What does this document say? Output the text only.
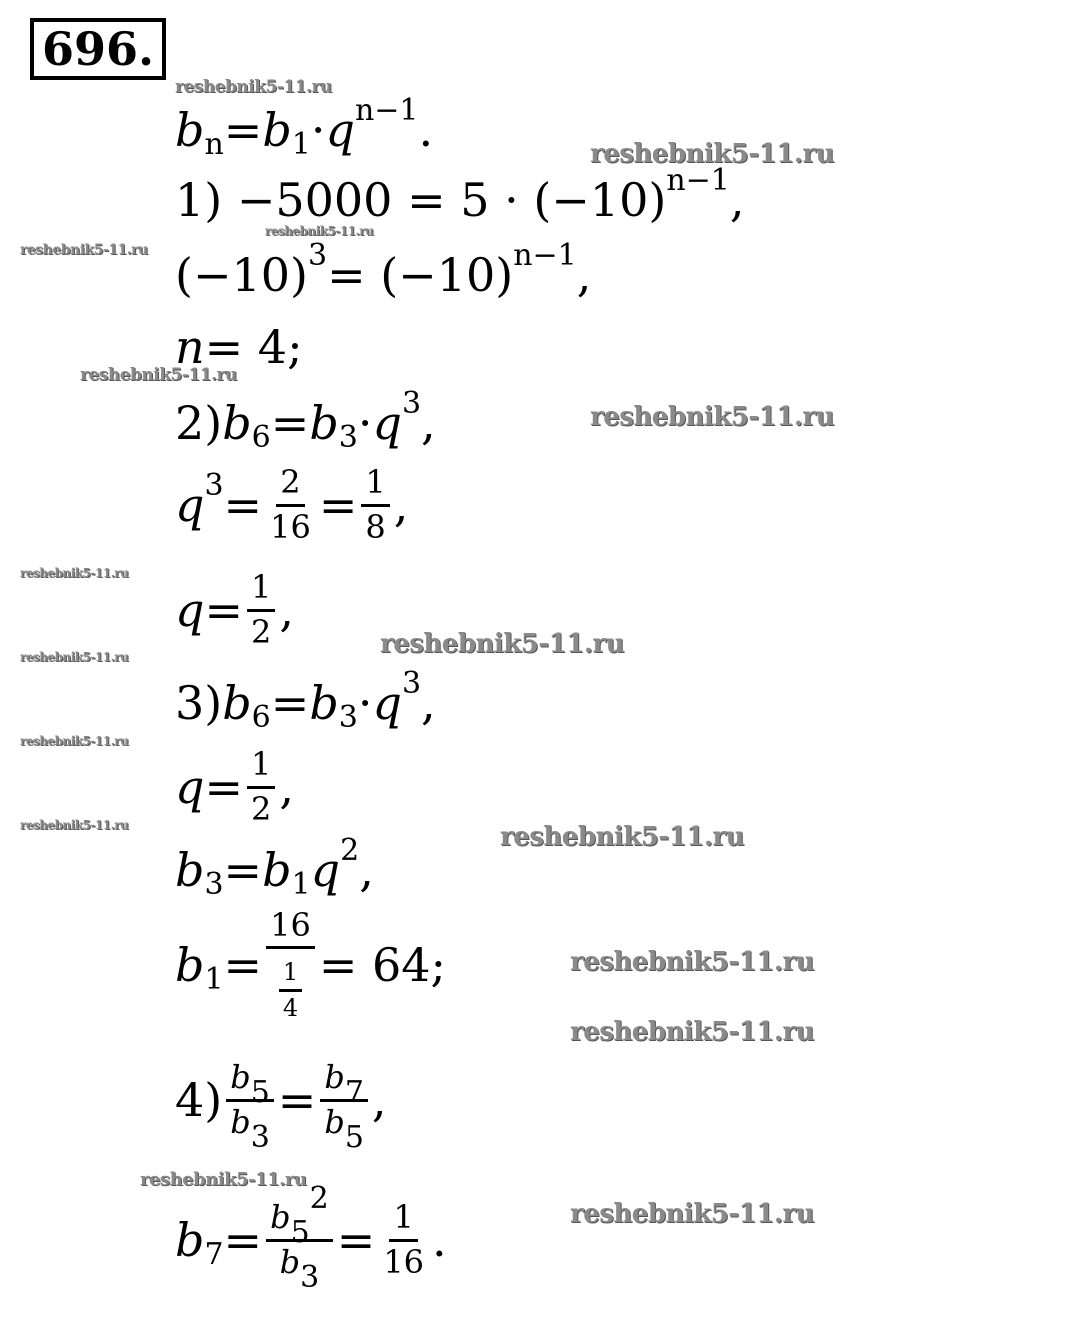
696.
b n = b 1 · q n−1 .
1) −5000 = 5 · (−10) n−1 ,
(−10) 3 = (−10) n−1 ,
n = 4;
2) b 6 = b 3 · q 3 ,
q $3 = \frac{2}{16} = \frac{1}{8}$ ,
$q = \frac{1}{2}$ ,
3) b 6 = b 3 · q 3 ,
$q = \frac{1}{2}$ ,
b 3 = b 1 q 2 ,
b $1 = \frac{16}{\frac{1}{4}} = 64$;
$4) \frac{b5}{b3} = \frac{b7}{b5}$ ,
b $7 = \frac{b52}{b3} = \frac{1}{16}$ .
reshebnik5-11.ru
reshebnik5-11.ru
reshebnik5-11.ru
reshebnik5-11.ru
reshebnik5-11.ru
reshebnik5-11.ru
reshebnik5-11.ru
reshebnik5-11.ru
reshebnik5-11.ru
reshebnik5-11.ru
reshebnik5-11.ru	reshebnik5-11.ru
reshebnik5-11.ru
reshebnik5-11.ru
reshebnik5-11.ru
reshebnik5-11.ru
